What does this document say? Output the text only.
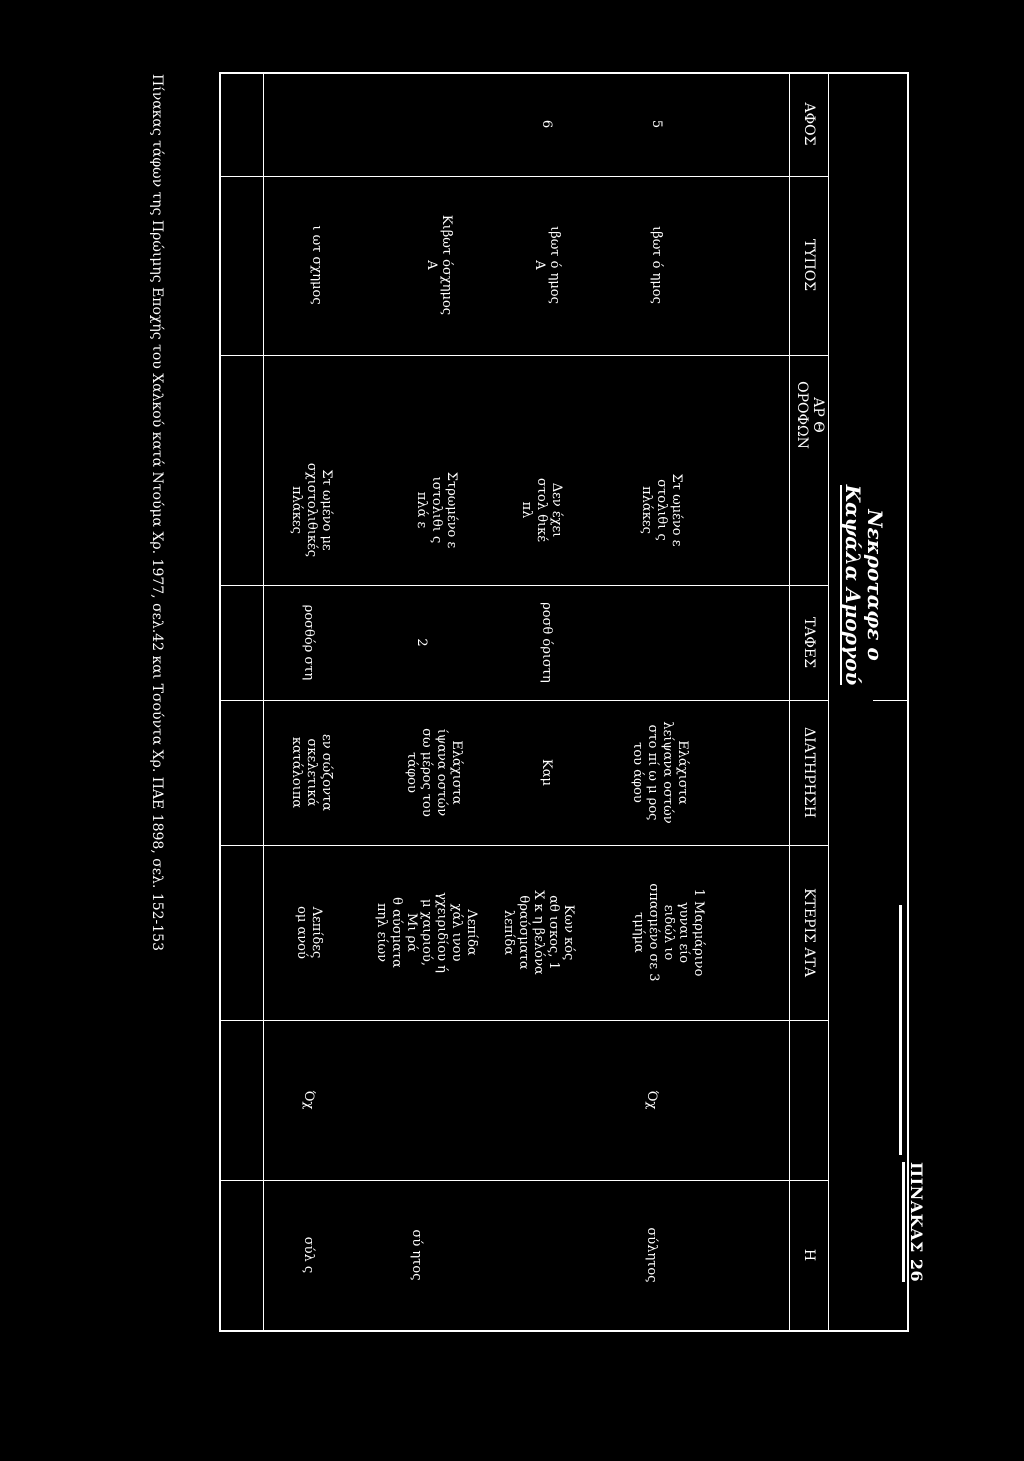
ΠΙΝΑΚΑΣ 26
Νεκροταφε ο
Καψάλα Αμοργού
ΑΦΟΣ
ΤΥΠΟΣ
ΑΡ Θ
ΟΡΟΦΩΝ
ΤΑΦΕΣ
ΔΙΑΤΗΡΗΣΗ
ΚΤΕΡΙΣ ΑΤΑ
Η
5
ιβωτ ό ημος
Στ ωμένο ε
στολιθι ς
πλάκες
Ελάχιστα
λείψανα οστών
στο πί ω μ ρος
του άφου
1 Μαρμάρινο
γυναι είο
ειδώλ ιο
σπασμένο σε 3
τμήμα
Όχ
σύλητος
6
ιβωτ ό ημος
Α
Δεν έχει
στολ θικέ
πλ
ροσθ όριστη
Καμ
Κων κός
αθ ισκος, 1
Χ κ η βελόνα
θραύσματα
λεπίδα
Κιβωτ όσχημος
Α
Στρωμένο ε
ιστολιθι ς
πλά ε
2
Ελάχιστα
ίψανα οστών
σω μέρος του
τάφου
Λεπίδα
χάλ ινου
γχειριδίου ή
μ χαιριού,
Μι ρά
θ αύσματα
πηλ είων
σύ ητος
ι ωτ σχημος
Στ ωμένο με
σχιστολιθικές
πλάκες
ροσθόρ στη
εν σώζοντα
σκελετικά
κατάλοιπα
Λεπίδες
ομ ανού
Όχ
σύλ ς
Πίνακας τάφων της Πρώιμης Εποχής του Χαλκού κατά Ντούμα Χρ. 1977, σελ.42 και Τσούντα Χρ. ΠΑΕ 1898, σελ. 152-153
